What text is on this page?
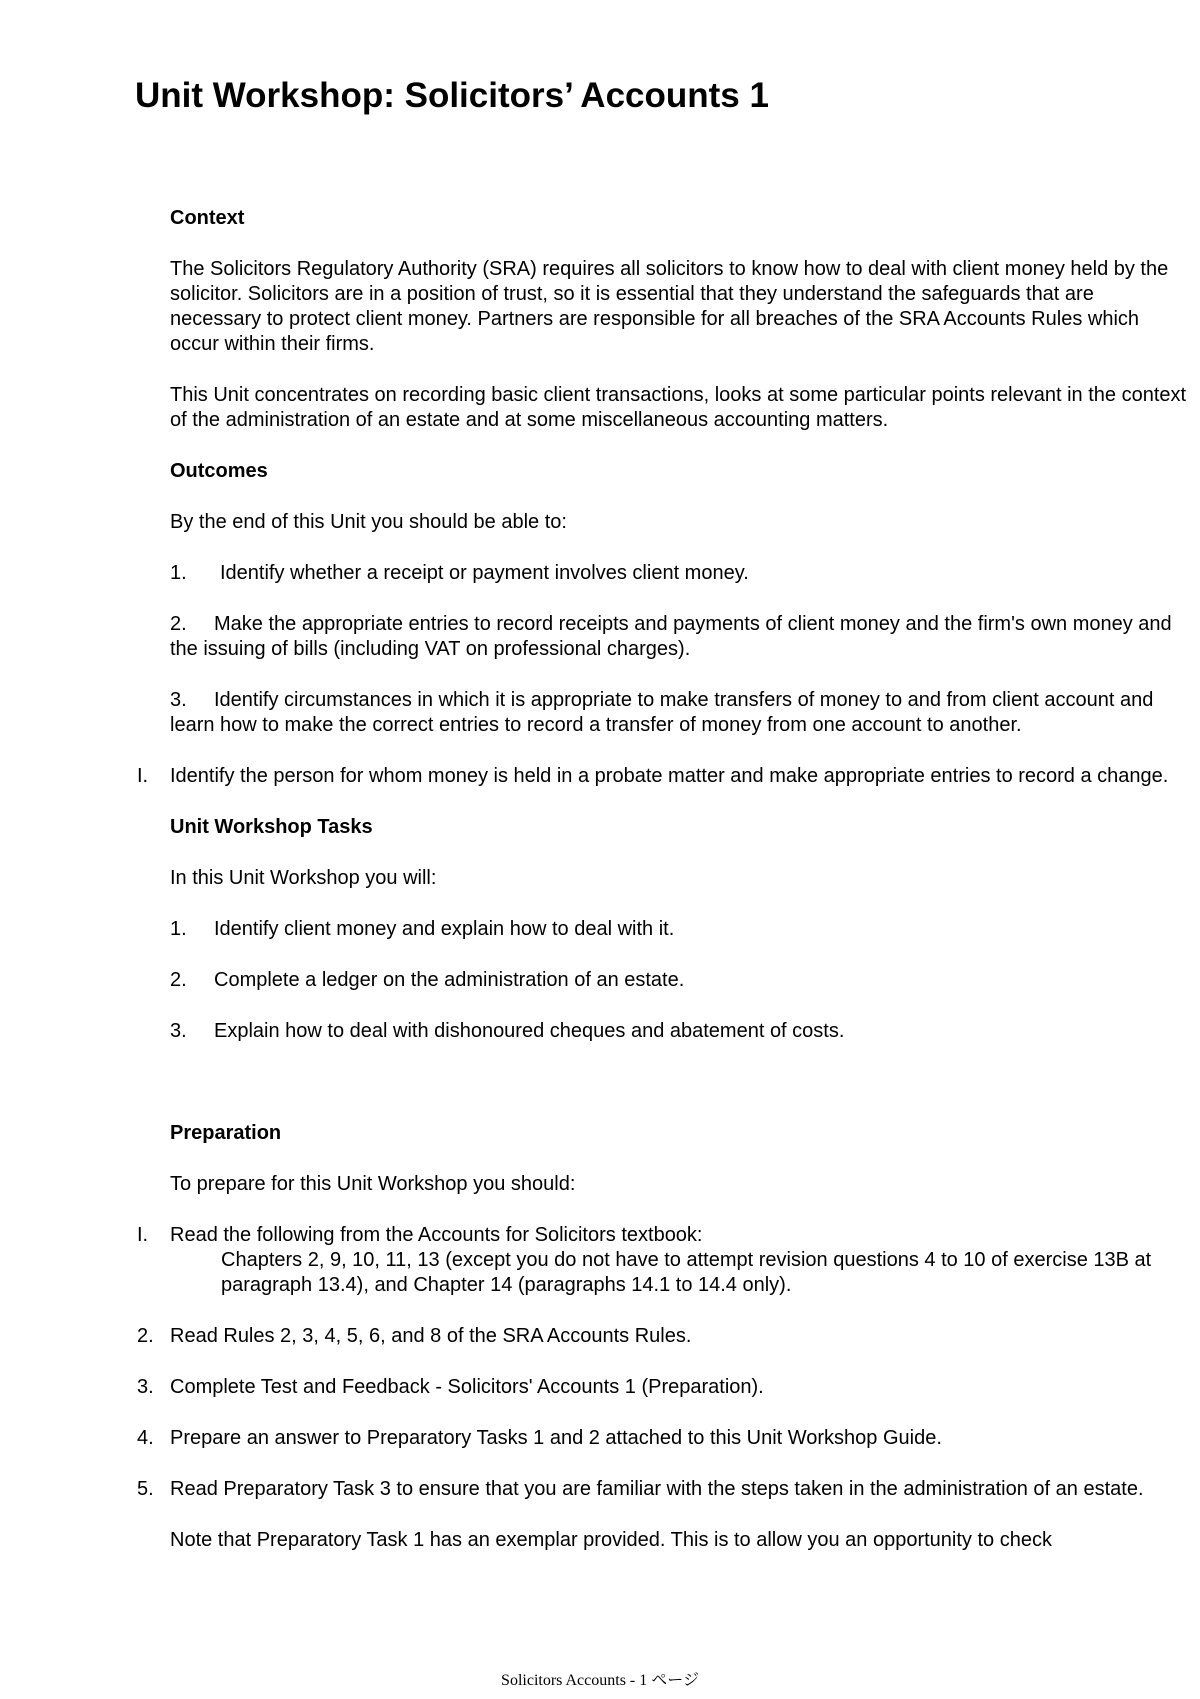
Unit Workshop: Solicitors’ Accounts 1
Context

The Solicitors Regulatory Authority (SRA) requires all solicitors to know how to deal with client money held by the solicitor. Solicitors are in a position of trust, so it is essential that they understand the safeguards that are necessary to protect client money. Partners are responsible for all breaches of the SRA Accounts Rules which occur within their firms.

This Unit concentrates on recording basic client transactions, looks at some particular points relevant in the context of the administration of an estate and at some miscellaneous accounting matters.

Outcomes

By the end of this Unit you should be able to:

1. Identify whether a receipt or payment involves client money.

2. Make the appropriate entries to record receipts and payments of client money and the firm's own money and the issuing of bills (including VAT on professional charges).

3. Identify circumstances in which it is appropriate to make transfers of money to and from client account and learn how to make the correct entries to record a transfer of money from one account to another.

I. Identify the person for whom money is held in a probate matter and make appropriate entries to record a change.

Unit Workshop Tasks

In this Unit Workshop you will:

1. Identify client money and explain how to deal with it.

2. Complete a ledger on the administration of an estate.

3. Explain how to deal with dishonoured cheques and abatement of costs.

Preparation

To prepare for this Unit Workshop you should:

I. Read the following from the Accounts for Solicitors textbook:
Chapters 2, 9, 10, 11, 13 (except you do not have to attempt revision questions 4 to 10 of exercise 13B at paragraph 13.4), and Chapter 14 (paragraphs 14.1 to 14.4 only).

2. Read Rules 2, 3, 4, 5, 6, and 8 of the SRA Accounts Rules.

3. Complete Test and Feedback - Solicitors' Accounts 1 (Preparation).

4. Prepare an answer to Preparatory Tasks 1 and 2 attached to this Unit Workshop Guide.

5. Read Preparatory Task 3 to ensure that you are familiar with the steps taken in the administration of an estate.

Note that Preparatory Task 1 has an exemplar provided. This is to allow you an opportunity to check

Solicitors Accounts - 1 ページ
